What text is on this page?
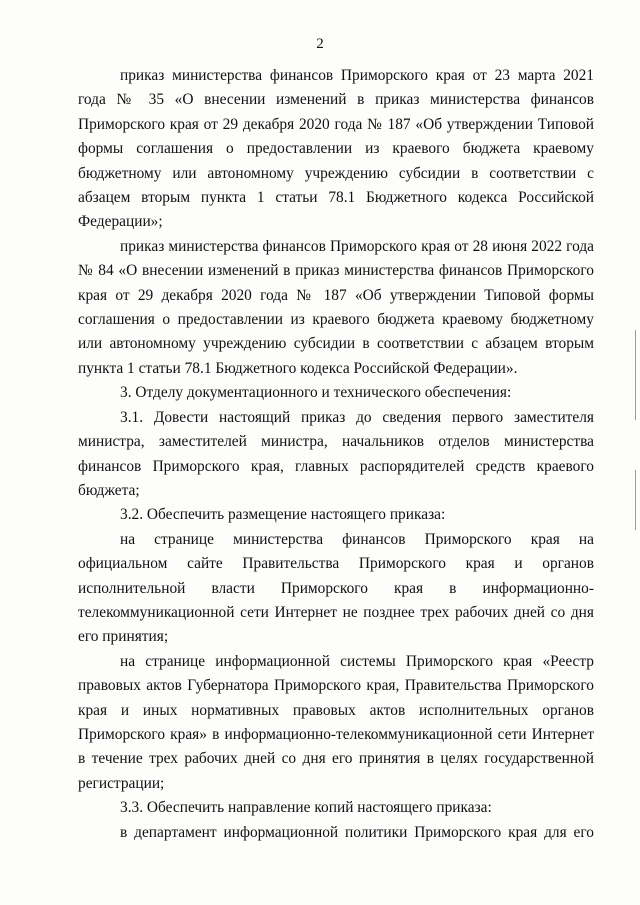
2

приказ министерства финансов Приморского края от 23 марта 2021 года № 35 «О внесении изменений в приказ министерства финансов Приморского края от 29 декабря 2020 года № 187 «Об утверждении Типовой формы соглашения о предоставлении из краевого бюджета краевому бюджетному или автономному учреждению субсидии в соответствии с абзацем вторым пункта 1 статьи 78.1 Бюджетного кодекса Российской Федерации»;

приказ министерства финансов Приморского края от 28 июня 2022 года № 84 «О внесении изменений в приказ министерства финансов Приморского края от 29 декабря 2020 года № 187 «Об утверждении Типовой формы соглашения о предоставлении из краевого бюджета краевому бюджетному или автономному учреждению субсидии в соответствии с абзацем вторым пункта 1 статьи 78.1 Бюджетного кодекса Российской Федерации».

3. Отделу документационного и технического обеспечения:

3.1. Довести настоящий приказ до сведения первого заместителя министра, заместителей министра, начальников отделов министерства финансов Приморского края, главных распорядителей средств краевого бюджета;

3.2. Обеспечить размещение настоящего приказа:

на странице министерства финансов Приморского края на официальном сайте Правительства Приморского края и органов исполнительной власти Приморского края в информационно-телекоммуникационной сети Интернет не позднее трех рабочих дней со дня его принятия;

на странице информационной системы Приморского края «Реестр правовых актов Губернатора Приморского края, Правительства Приморского края и иных нормативных правовых актов исполнительных органов Приморского края» в информационно-телекоммуникационной сети Интернет в течение трех рабочих дней со дня его принятия в целях государственной регистрации;

3.3. Обеспечить направление копий настоящего приказа:

в департамент информационной политики Приморского края для его
